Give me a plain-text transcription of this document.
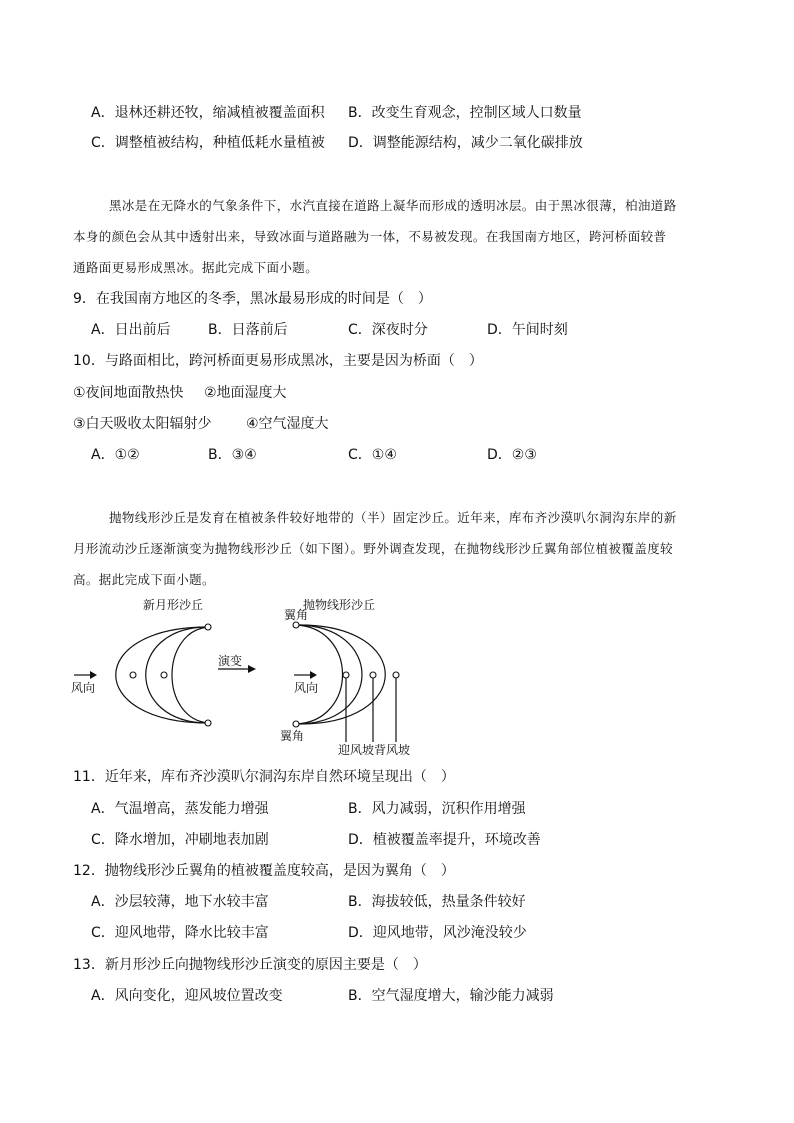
A．退林还耕还牧，缩减植被覆盖面积 B．改变生育观念，控制区域人口数量
C．调整植被结构，种植低耗水量植被 D．调整能源结构，减少二氧化碳排放
黑冰是在无降水的气象条件下，水汽直接在道路上凝华而形成的透明冰层。由于黑冰很薄，柏油道路
本身的颜色会从其中透射出来，导致冰面与道路融为一体，不易被发现。在我国南方地区，跨河桥面较普
通路面更易形成黑冰。据此完成下面小题。
9．在我国南方地区的冬季，黑冰最易形成的时间是（　）
A．日出前后	B．日落前后	C．深夜时分	D．午间时刻
10．与路面相比，跨河桥面更易形成黑冰，主要是因为桥面（　）
①夜间地面散热快 ②地面湿度大
③白天吸收太阳辐射少 ④空气湿度大
A．①②	B．③④	C．①④	D．②③
抛物线形沙丘是发育在植被条件较好地带的（半）固定沙丘。近年来，库布齐沙漠叭尔洞沟东岸的新
月形流动沙丘逐渐演变为抛物线形沙丘（如下图）。野外调查发现，在抛物线形沙丘翼角部位植被覆盖度较
高。据此完成下面小题。
新月形沙丘	抛物线形沙丘
翼角
演变
风向	风向
翼角
迎风坡背风坡
11．近年来，库布齐沙漠叭尔洞沟东岸自然环境呈现出（　）
A．气温增高，蒸发能力增强	B．风力减弱，沉积作用增强
C．降水增加，冲刷地表加剧	D．植被覆盖率提升，环境改善
12．抛物线形沙丘翼角的植被覆盖度较高，是因为翼角（　）
A．沙层较薄，地下水较丰富	B．海拔较低，热量条件较好
C．迎风地带，降水比较丰富	D．迎风地带，风沙淹没较少
13．新月形沙丘向抛物线形沙丘演变的原因主要是（　）
A．风向变化，迎风坡位置改变	B．空气湿度增大，输沙能力减弱
